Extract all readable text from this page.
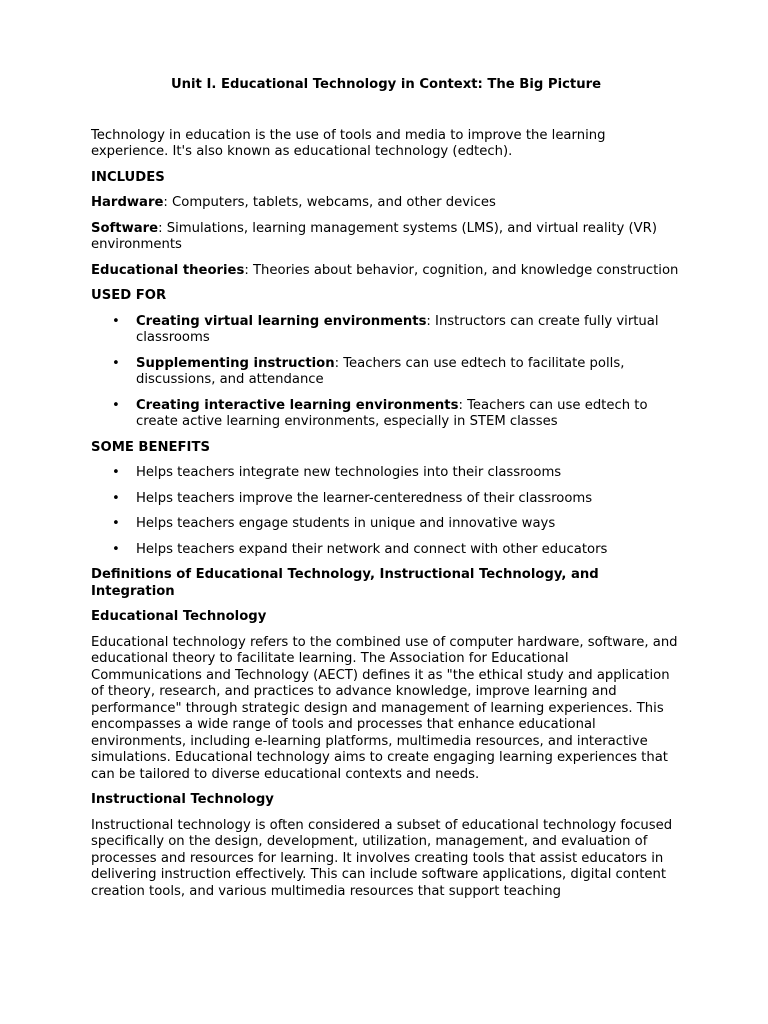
Unit I. Educational Technology in Context: The Big Picture

Technology in education is the use of tools and media to improve the learning experience. It's also known as educational technology (edtech).

INCLUDES

Hardware: Computers, tablets, webcams, and other devices

Software: Simulations, learning management systems (LMS), and virtual reality (VR) environments

Educational theories: Theories about behavior, cognition, and knowledge construction

USED FOR

• Creating virtual learning environments: Instructors can create fully virtual classrooms
• Supplementing instruction: Teachers can use edtech to facilitate polls, discussions, and attendance
• Creating interactive learning environments: Teachers can use edtech to create active learning environments, especially in STEM classes

SOME BENEFITS

• Helps teachers integrate new technologies into their classrooms
• Helps teachers improve the learner-centeredness of their classrooms
• Helps teachers engage students in unique and innovative ways
• Helps teachers expand their network and connect with other educators

Definitions of Educational Technology, Instructional Technology, and Integration

Educational Technology

Educational technology refers to the combined use of computer hardware, software, and educational theory to facilitate learning. The Association for Educational Communications and Technology (AECT) defines it as "the ethical study and application of theory, research, and practices to advance knowledge, improve learning and performance" through strategic design and management of learning experiences. This encompasses a wide range of tools and processes that enhance educational environments, including e-learning platforms, multimedia resources, and interactive simulations. Educational technology aims to create engaging learning experiences that can be tailored to diverse educational contexts and needs.

Instructional Technology

Instructional technology is often considered a subset of educational technology focused specifically on the design, development, utilization, management, and evaluation of processes and resources for learning. It involves creating tools that assist educators in delivering instruction effectively. This can include software applications, digital content creation tools, and various multimedia resources that support teaching
